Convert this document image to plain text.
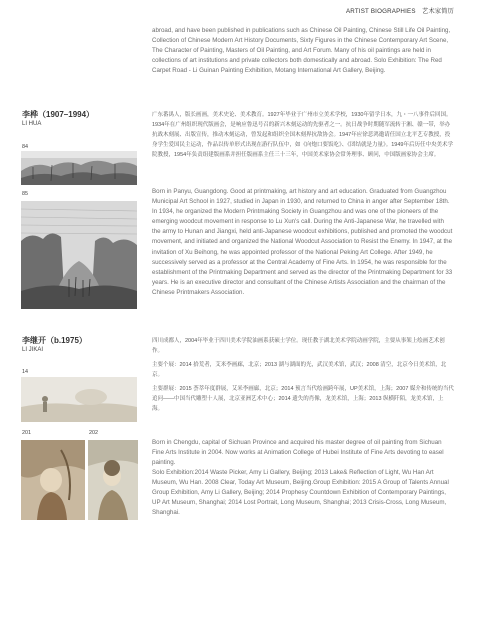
ARTIST BIOGRAPHIES　艺术家简历

abroad, and have been published in publications such as Chinese Oil Painting, Chinese Still Life Oil Painting, Collection of Chinese Modern Art History Documents, Sixty Figures in the Chinese Contemporary Art Scene, The Character of Painting, Masters of Oil Painting, and Art Forum. Many of his oil paintings are held in collections of art institutions and private collectors both domestically and abroad. Solo Exhibition: The Red Carpet Road - Li Guinan Painting Exhibition, Motang International Art Gallery, Beijing.

李桦（1907–1994）
LI HUA
84
85

广东番禺人，版长画画，美术史论、美术教育。1927年毕业于广州市立美术学校，1930年留学日本，九・一八事件后回国。1934年在广州组织现代版画会，是响应鲁迅号召的新兴木刻运动的先驱者之一。抗日战争时期随军流转于湘、赣一带，举办抗战木刻展、出版宣传，推动木刻运动，曾发起和组织全国木刻界抗敌协会。1947年应徐悲鸿邀请任国立北平艺专教授，投身学生爱国民主运动，作品以传单形式出现在游行队伍中，如《向炮口要饭吃》、《团结就是力量》。1949年后历任中央美术学院教授，1954年负责组建版画系并担任版画系主任三十三年，中国美术家协会常务理事、顾问，中国版画家协会主席。

Born in Panyu, Guangdong. Good at printmaking, art history and art education. Graduated from Guangzhou Municipal Art School in 1927, studied in Japan in 1930, and returned to China in anger after September 18th. In 1934, he organized the Modern Printmaking Society in Guangzhou and was one of the pioneers of the emerging woodcut movement in response to Lu Xun's call. During the Anti-Japanese War, he travelled with the army to Hunan and Jiangxi, held anti-Japanese woodcut exhibitions, published and promoted the woodcut movement, and initiated and organized the National Woodcut Association to Resist the Enemy. In 1947, at the invitation of Xu Beihong, he was appointed professor of the National Peking Art College. After 1949, he successively served as a professor at the Central Academy of Fine Arts. In 1954, he was responsible for the establishment of the Printmaking Department and served as the director of the Printmaking Department for 33 years. He is an executive director and consultant of the Chinese Artists Association and the chairman of the Chinese Printmakers Association.

李继开（b.1975）
LI JIKAI
14
201	202

四川成都人，2004年毕业于四川美术学院油画系获硕士学位。现任教于湖北美术学院动画学院，主要从事架上绘画艺术创作。

主要个展：2014 拾荒者，艾米李画廊，北京；2013 湖与湖面的光，武汉美术馆，武汉；2008 清空，北京今日美术馆，北京。

主要群展：2015 荟萃年度群展，艾米李画廊，北京；2014 预言当代绘画跨年展，UP美术馆，上海；2007 媒介和传统的当代追问——中国当代雕塑十人展，北京亚洲艺术中心；2014 遗失的肖像，龙美术馆，上海；2013 纵横阡陌，龙美术馆，上海。

Born in Chengdu, capital of Sichuan Province and acquired his master degree of oil painting from Sichuan Fine Arts Institute in 2004. Now works at Animation College of Hubei Institute of Fine Arts devoting to easel painting.

Solo Exhibition:2014 Waste Picker, Amy Li Gallery, Beijing; 2013 Lake& Reflection of Light, Wu Han Art Museum, Wu Han. 2008 Clear, Today Art Museum, Beijing.Group Exhibition: 2015 A Group of Talents Annual Group Exhibition, Amy Li Gallery, Beijing; 2014 Prophesy Countdown Exhibition of Contemporary Paintings, UP Art Museum, Shanghai; 2014 Lost Portrait, Long Museum, Shanghai; 2013 Crisis-Cross, Long Museum, Shanghai.
